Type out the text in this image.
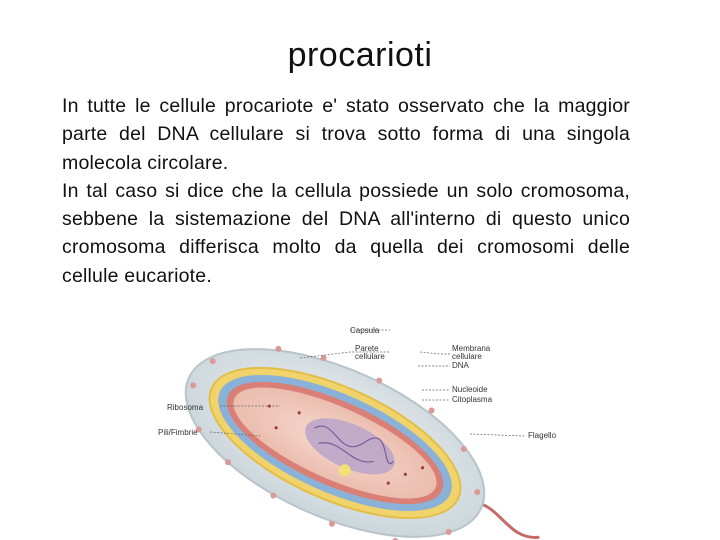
procarioti

In tutte le cellule procariote e' stato osservato che la maggior parte del DNA cellulare si trova sotto forma di una singola molecola circolare.

In tal caso si dice che la cellula possiede un solo cromosoma, sebbene la sistemazione del DNA all'interno di questo unico cromosoma differisca molto da quella dei cromosomi delle cellule eucariote.

Capsula
Parete
cellulare
Membrana
cellulare
DNA
Nucleoide
Citoplasma
Ribosoma
Pili/Fimbrie	Flagello
